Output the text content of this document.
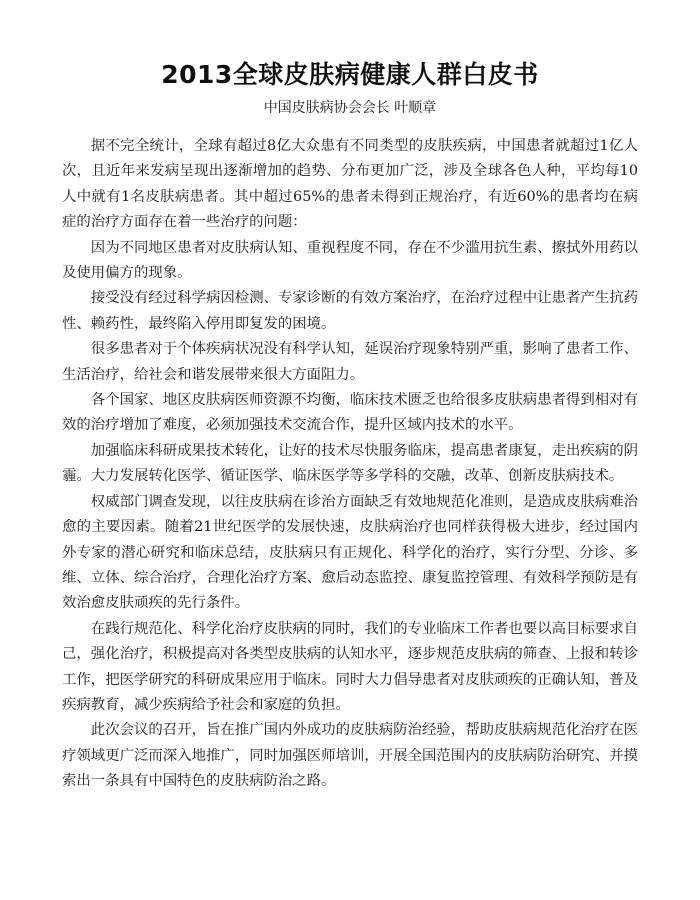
2013全球皮肤病健康人群白皮书
中国皮肤病协会会长 叶顺章

据不完全统计，全球有超过8亿大众患有不同类型的皮肤疾病，中国患者就超过1亿人次，且近年来发病呈现出逐渐增加的趋势、分布更加广泛，涉及全球各色人种，平均每10人中就有1名皮肤病患者。其中超过65%的患者未得到正规治疗，有近60%的患者均在病症的治疗方面存在着一些治疗的问题：

因为不同地区患者对皮肤病认知、重视程度不同，存在不少滥用抗生素、擦拭外用药以及使用偏方的现象。

接受没有经过科学病因检测、专家诊断的有效方案治疗，在治疗过程中让患者产生抗药性、赖药性，最终陷入停用即复发的困境。

很多患者对于个体疾病状况没有科学认知，延误治疗现象特别严重，影响了患者工作、生活治疗，给社会和谐发展带来很大方面阻力。

各个国家、地区皮肤病医师资源不均衡，临床技术匮乏也给很多皮肤病患者得到相对有效的治疗增加了难度，必须加强技术交流合作，提升区域内技术的水平。

加强临床科研成果技术转化，让好的技术尽快服务临床，提高患者康复，走出疾病的阴霾。大力发展转化医学、循证医学、临床医学等多学科的交融，改革、创新皮肤病技术。

权威部门调查发现，以往皮肤病在诊治方面缺乏有效地规范化准则，是造成皮肤病难治愈的主要因素。随着21世纪医学的发展快速，皮肤病治疗也同样获得极大进步，经过国内外专家的潜心研究和临床总结，皮肤病只有正规化、科学化的治疗，实行分型、分诊、多维、立体、综合治疗，合理化治疗方案、愈后动态监控、康复监控管理、有效科学预防是有效治愈皮肤顽疾的先行条件。

在践行规范化、科学化治疗皮肤病的同时，我们的专业临床工作者也要以高目标要求自己，强化治疗，积极提高对各类型皮肤病的认知水平，逐步规范皮肤病的筛查、上报和转诊工作，把医学研究的科研成果应用于临床。同时大力倡导患者对皮肤顽疾的正确认知，普及疾病教育，减少疾病给予社会和家庭的负担。

此次会议的召开，旨在推广国内外成功的皮肤病防治经验，帮助皮肤病规范化治疗在医疗领域更广泛而深入地推广，同时加强医师培训，开展全国范围内的皮肤病防治研究、并摸索出一条具有中国特色的皮肤病防治之路。
